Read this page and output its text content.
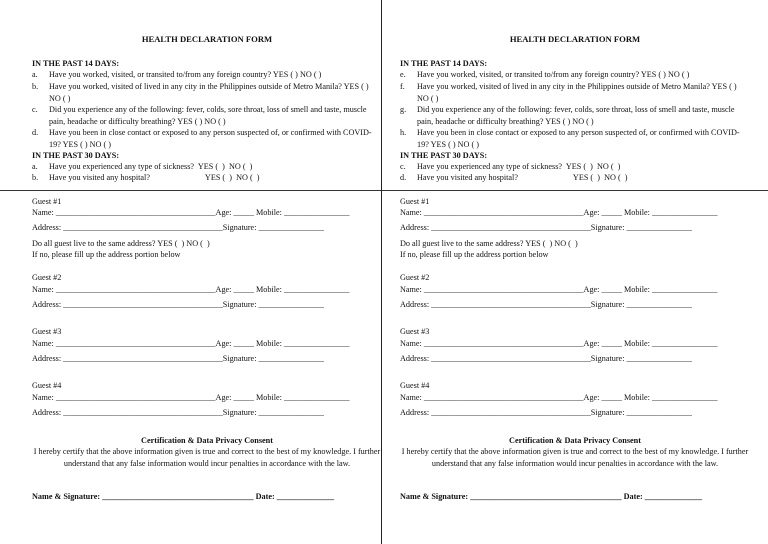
HEALTH DECLARATION FORM
IN THE PAST 14 DAYS:
a. Have you worked, visited, or transited to/from any foreign country? YES ( ) NO ( )
b. Have you worked, visited of lived in any city in the Philippines outside of Metro Manila? YES ( ) NO ( )
c. Did you experience any of the following: fever, colds, sore throat, loss of smell and taste, muscle pain, headache or difficulty breathing? YES ( ) NO ( )
d. Have you been in close contact or exposed to any person suspected of, or confirmed with COVID-19? YES ( ) NO ( )
IN THE PAST 30 DAYS:
a. Have you experienced any type of sickness?  YES (  )  NO (  )
b. Have you visited any hospital?                           YES (  )  NO (  )
Guest #1
Name: _______________________________________Age: _____ Mobile: ________________
Address: _______________________________________Signature: ________________
Do all guest live to the same address? YES (  ) NO (  )
If no, please fill up the address portion below
Guest #2
Name: _______________________________________Age: _____ Mobile: ________________
Address: _______________________________________Signature: ________________
Guest #3
Name: _______________________________________Age: _____ Mobile: ________________
Address: _______________________________________Signature: ________________
Guest #4
Name: _______________________________________Age: _____ Mobile: ________________
Address: _______________________________________Signature: ________________
Certification & Data Privacy Consent
I hereby certify that the above information given is true and correct to the best of my knowledge. I further understand that any false information would incur penalties in accordance with the law.
Name & Signature: _____________________________________ Date: ______________
HEALTH DECLARATION FORM
IN THE PAST 14 DAYS:
e. Have you worked, visited, or transited to/from any foreign country? YES ( ) NO ( )
f. Have you worked, visited of lived in any city in the Philippines outside of Metro Manila? YES ( ) NO ( )
g. Did you experience any of the following: fever, colds, sore throat, loss of smell and taste, muscle pain, headache or difficulty breathing? YES ( ) NO ( )
h. Have you been in close contact or exposed to any person suspected of, or confirmed with COVID-19? YES ( ) NO ( )
IN THE PAST 30 DAYS:
c. Have you experienced any type of sickness?  YES (  )  NO (  )
d. Have you visited any hospital?                           YES (  )  NO (  )
Guest #1
Name: _______________________________________Age: _____ Mobile: ________________
Address: _______________________________________Signature: ________________
Do all guest live to the same address? YES (  ) NO (  )
If no, please fill up the address portion below
Guest #2
Name: _______________________________________Age: _____ Mobile: ________________
Address: _______________________________________Signature: ________________
Guest #3
Name: _______________________________________Age: _____ Mobile: ________________
Address: _______________________________________Signature: ________________
Guest #4
Name: _______________________________________Age: _____ Mobile: ________________
Address: _______________________________________Signature: ________________
Certification & Data Privacy Consent
I hereby certify that the above information given is true and correct to the best of my knowledge. I further understand that any false information would incur penalties in accordance with the law.
Name & Signature: _____________________________________ Date: ______________
